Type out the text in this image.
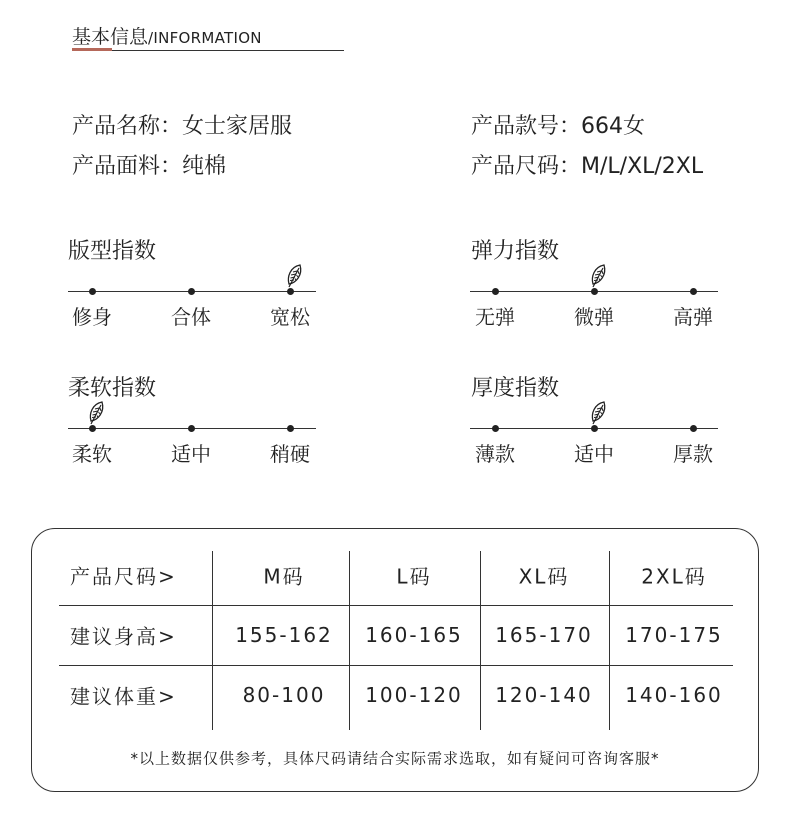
基本信息/INFORMATION
产品名称：女士家居服	产品款号：664女
产品面料：纯棉	产品尺码：M/L/XL/2XL
版型指数
修身	合体	宽松
弹力指数
无弹	微弹	高弹
柔软指数
柔软	适中	稍硬
厚度指数
薄款	适中	厚款
产品尺码>	M码	L码	XL码	2XL码
建议身高>	155-162 160-165 165-170 170-175
建议体重>	80-100 100-120 120-140 140-160
*以上数据仅供参考，具体尺码请结合实际需求选取，如有疑问可咨询客服*
